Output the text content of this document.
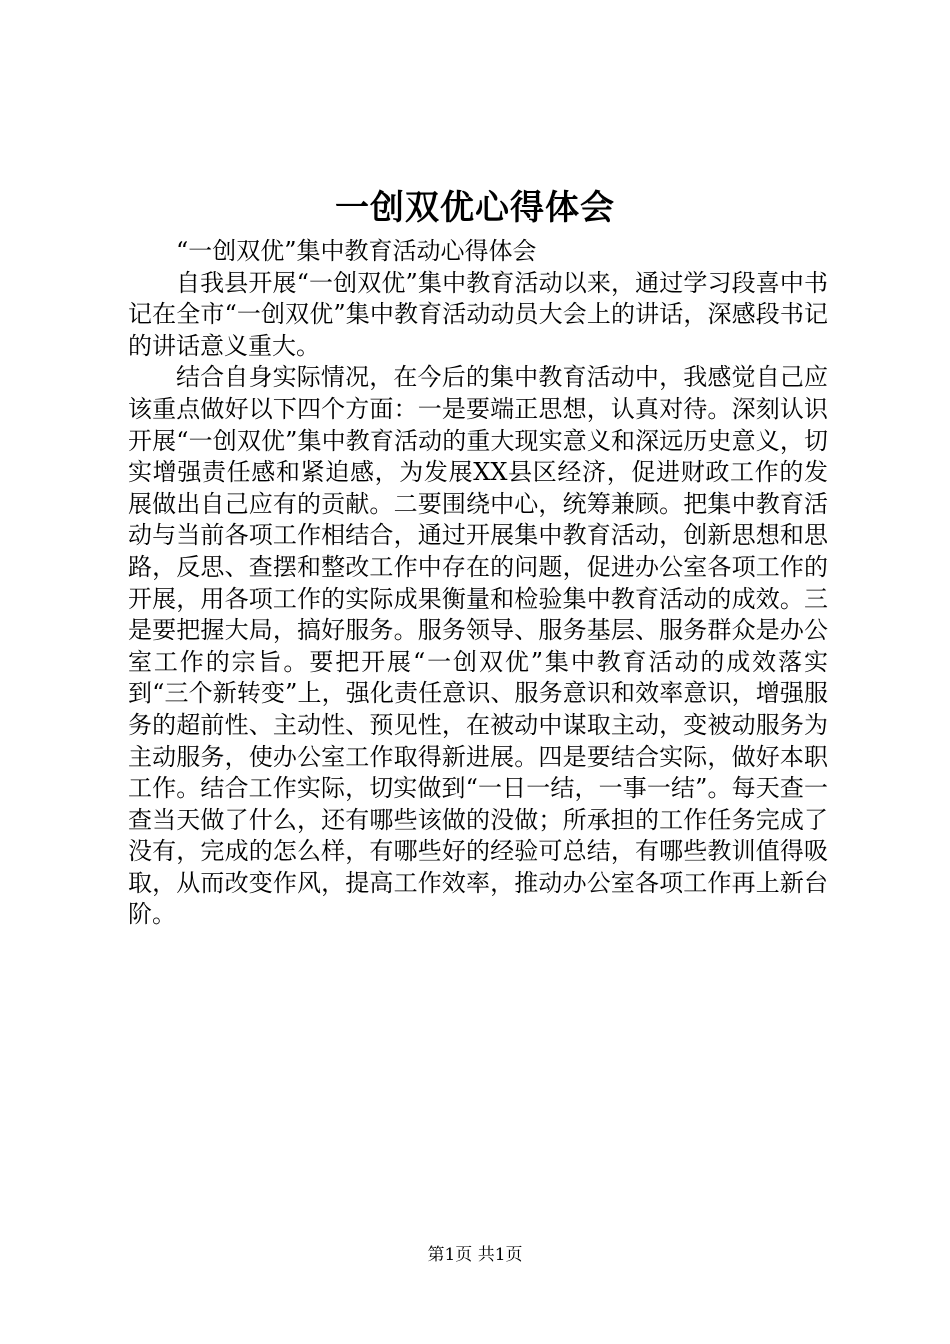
一创双优心得体会

“一创双优”集中教育活动心得体会

自我县开展“一创双优”集中教育活动以来，通过学习段喜中书记在全市“一创双优”集中教育活动动员大会上的讲话，深感段书记的讲话意义重大。

结合自身实际情况，在今后的集中教育活动中，我感觉自己应该重点做好以下四个方面：一是要端正思想，认真对待。深刻认识开展“一创双优”集中教育活动的重大现实意义和深远历史意义，切实增强责任感和紧迫感，为发展XX县区经济，促进财政工作的发展做出自己应有的贡献。二要围绕中心，统筹兼顾。把集中教育活动与当前各项工作相结合，通过开展集中教育活动，创新思想和思路，反思、查摆和整改工作中存在的问题，促进办公室各项工作的开展，用各项工作的实际成果衡量和检验集中教育活动的成效。三是要把握大局，搞好服务。服务领导、服务基层、服务群众是办公室工作的宗旨。要把开展“一创双优”集中教育活动的成效落实到“三个新转变”上，强化责任意识、服务意识和效率意识，增强服务的超前性、主动性、预见性，在被动中谋取主动，变被动服务为主动服务，使办公室工作取得新进展。四是要结合实际，做好本职工作。结合工作实际，切实做到“一日一结，一事一结”。每天查一查当天做了什么，还有哪些该做的没做；所承担的工作任务完成了没有，完成的怎么样，有哪些好的经验可总结，有哪些教训值得吸取，从而改变作风，提高工作效率，推动办公室各项工作再上新台阶。

第1页 共1页
